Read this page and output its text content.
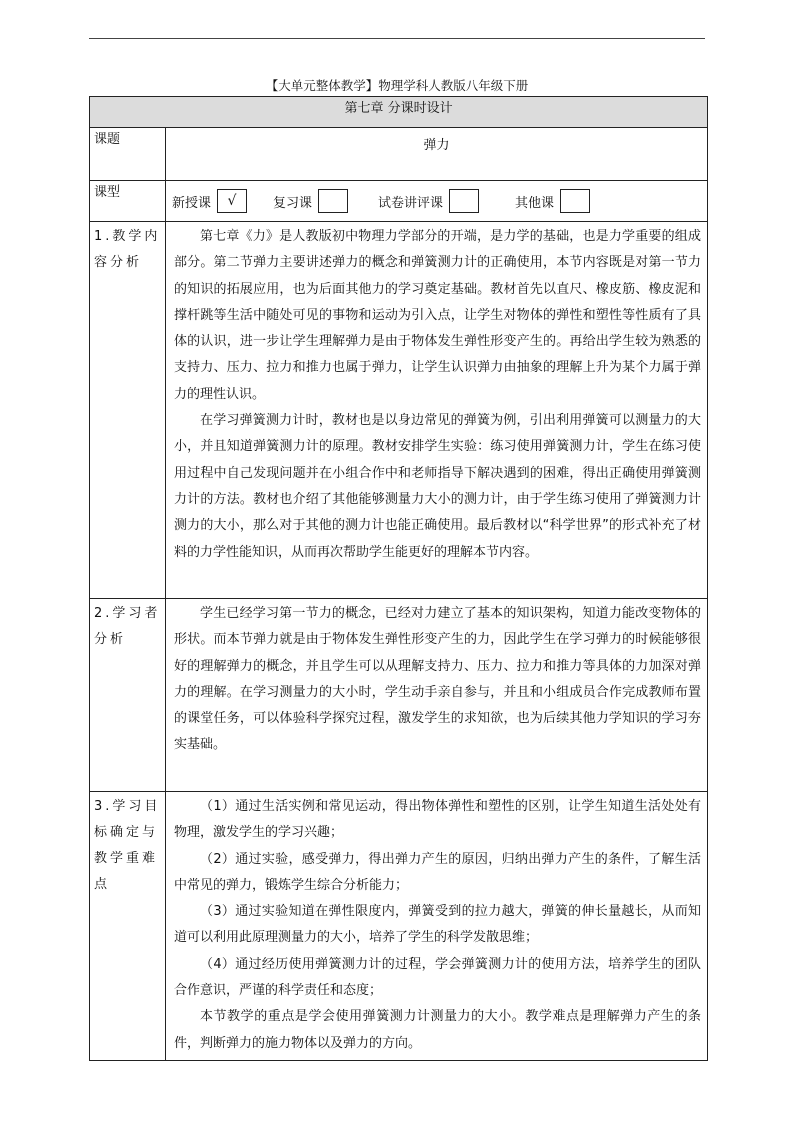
【大单元整体教学】物理学科人教版八年级下册
第七章 分课时设计	
课题	弹力
课型	新授课 √ 复习课 试卷讲评课 其他课

1.教学内容分析	第七章《力》是人教版初中物理力学部分的开端，是力学的基础，也是力学重要的组成部分。第二节弹力主要讲述弹力的概念和弹簧测力计的正确使用，本节内容既是对第一节力的知识的拓展应用，也为后面其他力的学习奠定基础。教材首先以直尺、橡皮筋、橡皮泥和撑杆跳等生活中随处可见的事物和运动为引入点，让学生对物体的弹性和塑性等性质有了具体的认识，进一步让学生理解弹力是由于物体发生弹性形变产生的。再给出学生较为熟悉的支持力、压力、拉力和推力也属于弹力，让学生认识弹力由抽象的理解上升为某个力属于弹力的理性认识。

在学习弹簧测力计时，教材也是以身边常见的弹簧为例，引出利用弹簧可以测量力的大小，并且知道弹簧测力计的原理。教材安排学生实验：练习使用弹簧测力计，学生在练习使用过程中自己发现问题并在小组合作中和老师指导下解决遇到的困难，得出正确使用弹簧测力计的方法。教材也介绍了其他能够测量力大小的测力计，由于学生练习使用了弹簧测力计测力的大小，那么对于其他的测力计也能正确使用。最后教材以“科学世界”的形式补充了材料的力学性能知识，从而再次帮助学生能更好的理解本节内容。

2.学习者分析	学生已经学习第一节力的概念，已经对力建立了基本的知识架构，知道力能改变物体的形状。而本节弹力就是由于物体发生弹性形变产生的力，因此学生在学习弹力的时候能够很好的理解弹力的概念，并且学生可以从理解支持力、压力、拉力和推力等具体的力加深对弹力的理解。在学习测量力的大小时，学生动手亲自参与，并且和小组成员合作完成教师布置的课堂任务，可以体验科学探究过程，激发学生的求知欲，也为后续其他力学知识的学习夯实基础。

3.学习目标确定与教学重难点	（1）通过生活实例和常见运动，得出物体弹性和塑性的区别，让学生知道生活处处有物理，激发学生的学习兴趣；

（2）通过实验，感受弹力，得出弹力产生的原因，归纳出弹力产生的条件，了解生活中常见的弹力，锻炼学生综合分析能力；

（3）通过实验知道在弹性限度内，弹簧受到的拉力越大，弹簧的伸长量越长，从而知道可以利用此原理测量力的大小，培养了学生的科学发散思维；

（4）通过经历使用弹簧测力计的过程，学会弹簧测力计的使用方法，培养学生的团队合作意识，严谨的科学责任和态度；

本节教学的重点是学会使用弹簧测力计测量力的大小。教学难点是理解弹力产生的条件，判断弹力的施力物体以及弹力的方向。
